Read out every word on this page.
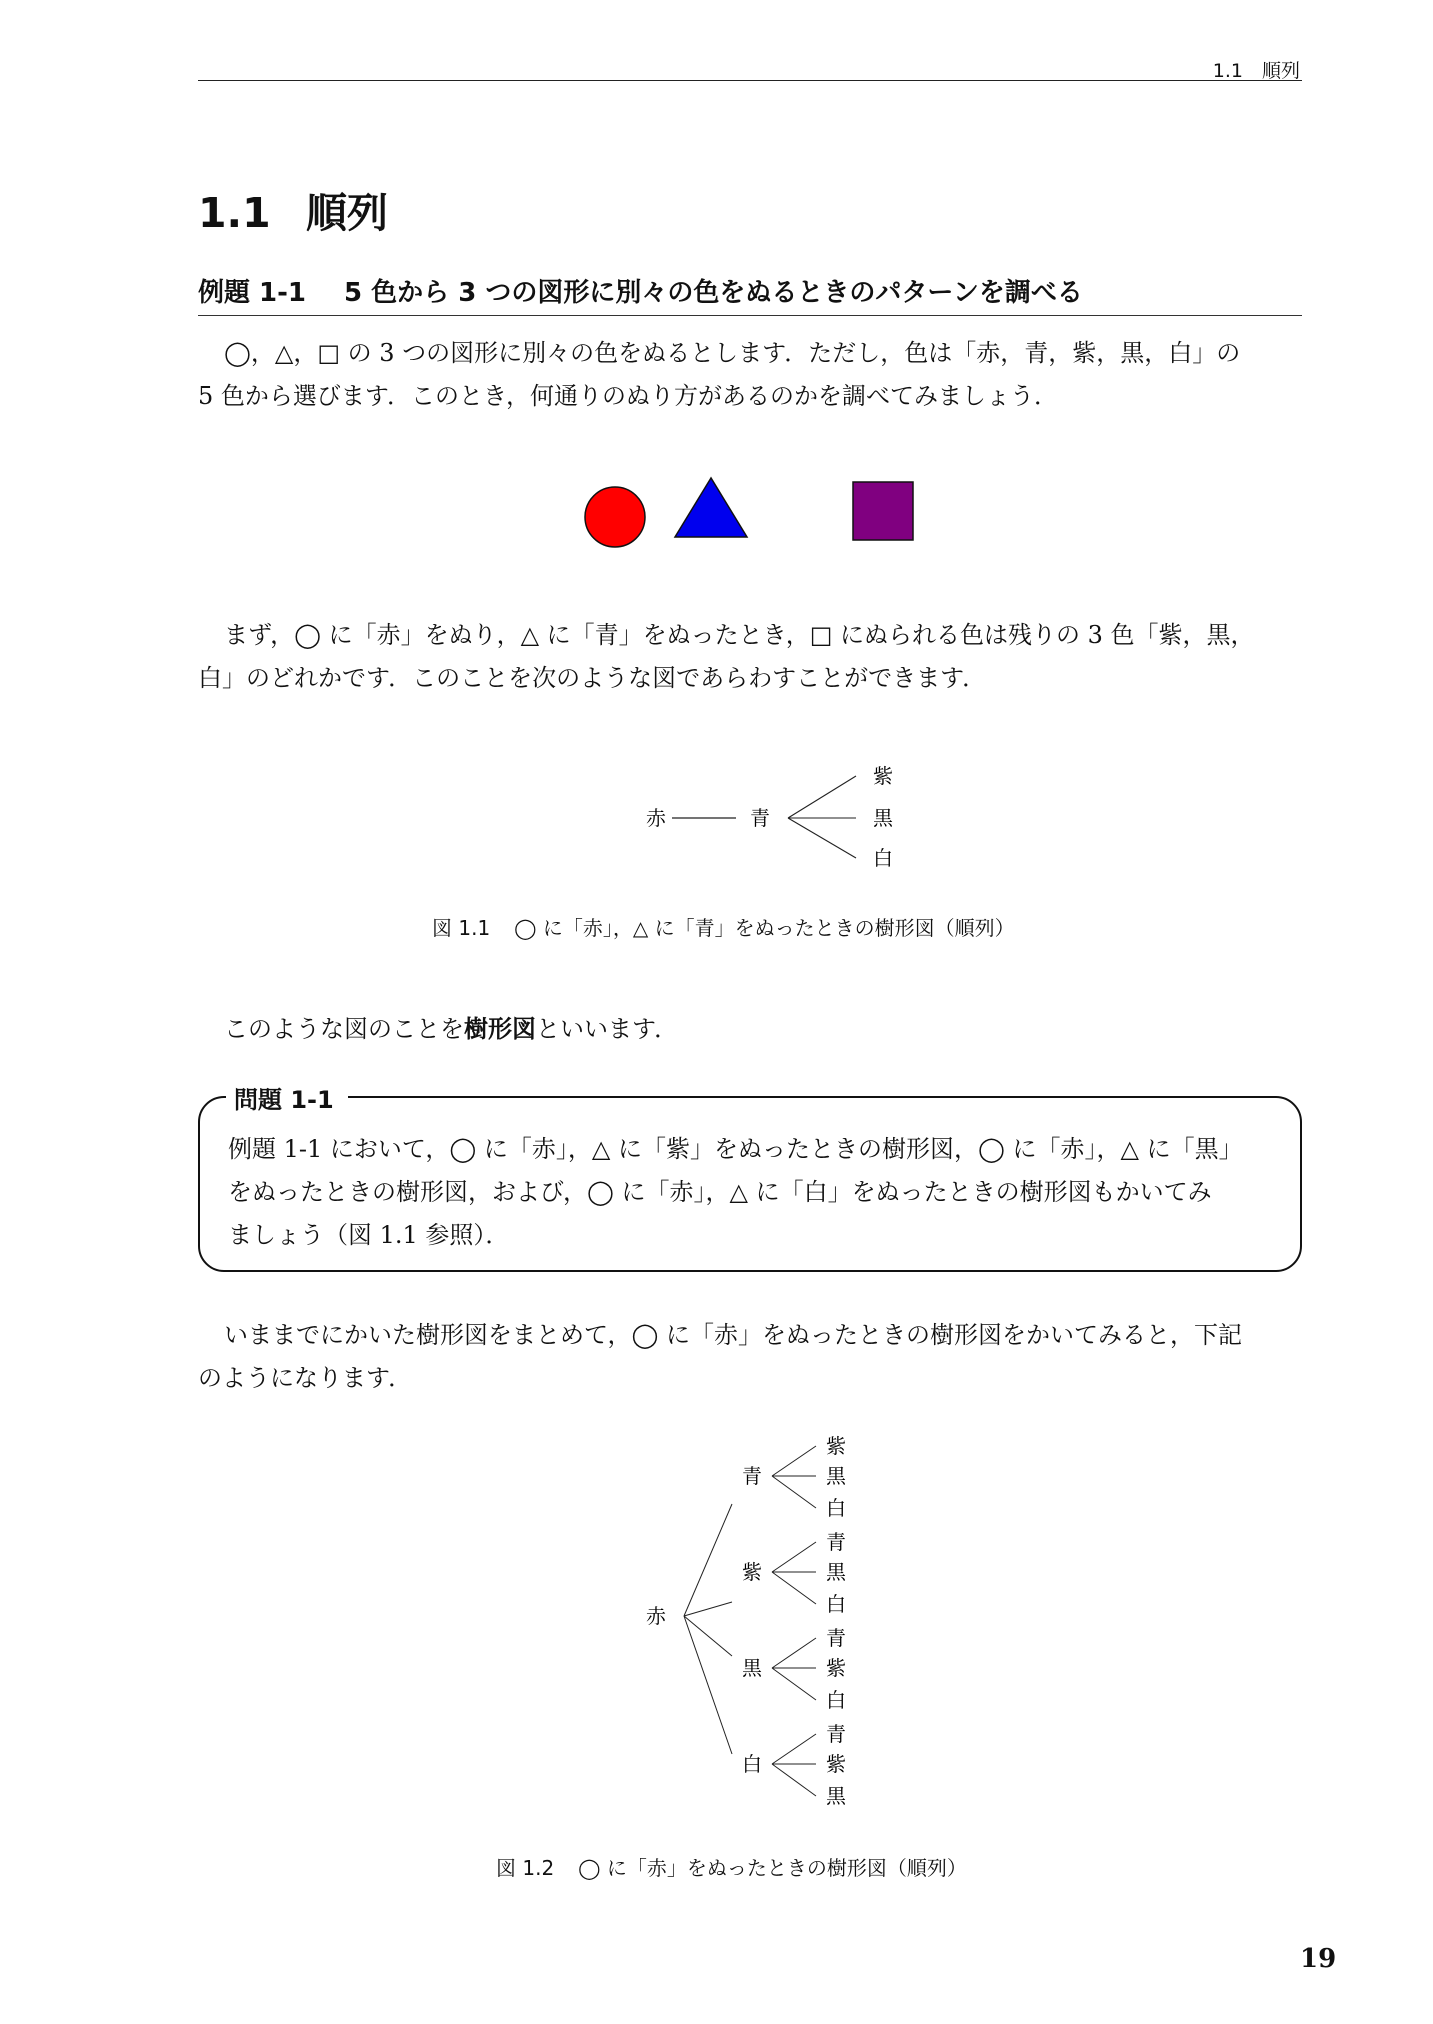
1.1　順列
1.1 順列
例題 1-1 5 色から 3 つの図形に別々の色をぬるときのパターンを調べる
◯，△，□ の 3 つの図形に別々の色をぬるとします．ただし，色は「赤，青，紫，黒，白」の
5 色から選びます．このとき，何通りのぬり方があるのかを調べてみましょう．
まず，◯ に「赤」をぬり，△ に「青」をぬったとき，□ にぬられる色は残りの 3 色「紫，黒，
白」のどれかです．このことを次のような図であらわすことができます．
赤	青
紫
黒
白
図 1.1 ◯ に「赤」，△ に「青」をぬったときの樹形図（順列）
このような図のことを樹形図といいます．
問題 1-1
例題 1-1 において，◯ に「赤」，△ に「紫」をぬったときの樹形図，◯ に「赤」，△ に「黒」
をぬったときの樹形図，および，◯ に「赤」，△ に「白」をぬったときの樹形図もかいてみ
ましょう（図 1.1 参照）．
いままでにかいた樹形図をまとめて，◯ に「赤」をぬったときの樹形図をかいてみると，下記
のようになります．
赤
青
紫
黒
白
紫
青
黒
白
黒
青
紫
白
白
青
紫
黒
図 1.2 ◯ に「赤」をぬったときの樹形図（順列）
19
